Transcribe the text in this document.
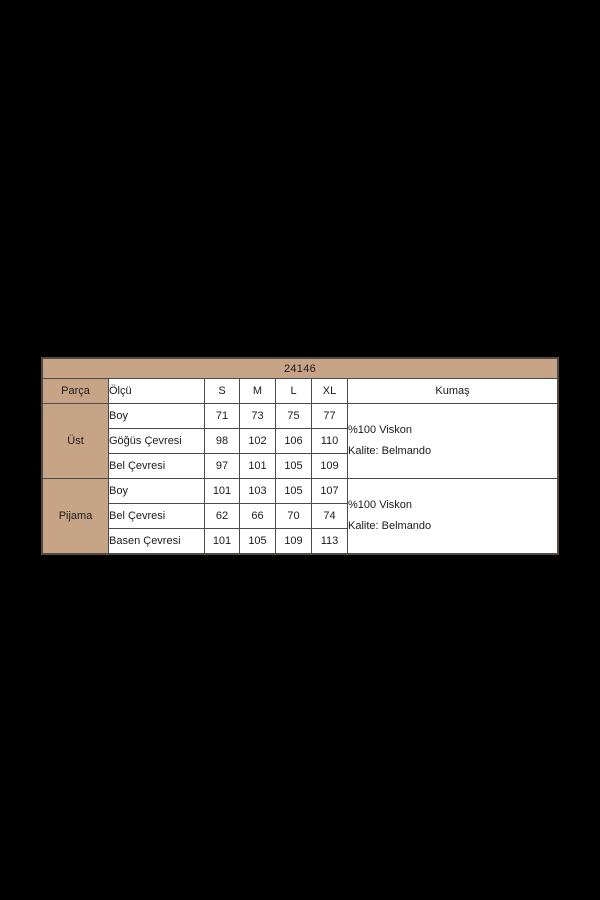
24146						
Parça	Ölçü	S	M	L	XL	Kumaş
Üst	Boy	71	73	75	77	%100 Viskon
Kalite: Belmando

	Göğüs Çevresi	98	102	106	110	
	Bel Çevresi	97	101	105	109	
Pijama	Boy	101	103	105	107	%100 Viskon
Kalite: Belmando

	Bel Çevresi	62	66	70	74	
	Basen Çevresi	101	105	109	113	
